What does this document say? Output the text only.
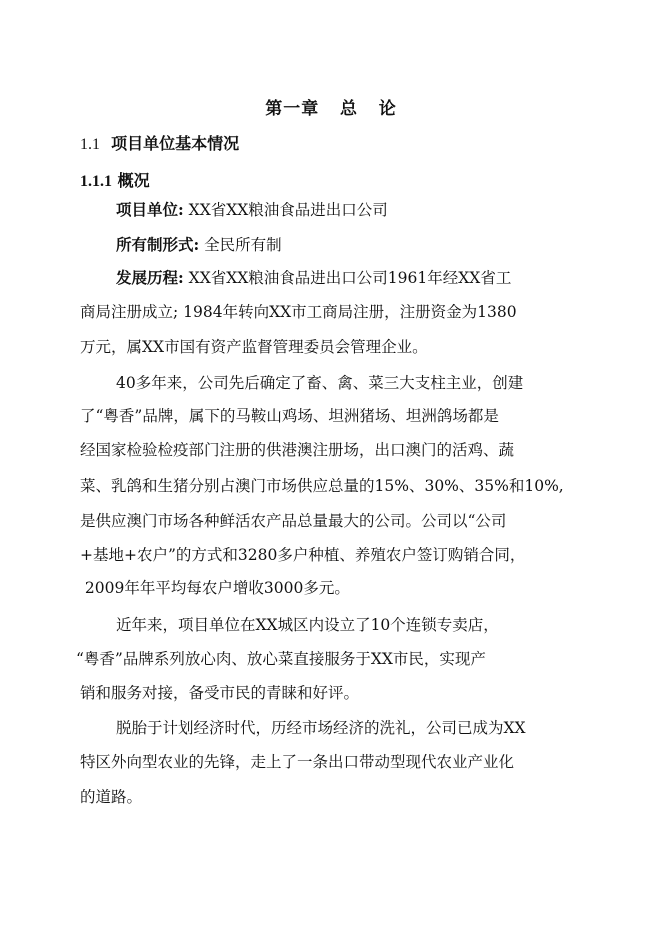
第一章   总   论
1.1 项目单位基本情况
1.1.1 概况
项目单位: XX省XX粮油食品进出口公司
所有制形式: 全民所有制
发展历程: XX省XX粮油食品进出口公司1961年经XX省工
商局注册成立; 1984年转向XX市工商局注册，注册资金为1380
万元，属XX市国有资产监督管理委员会管理企业。
40多年来，公司先后确定了畜、禽、菜三大支柱主业，创建
了“粤香”品牌，属下的马鞍山鸡场、坦洲猪场、坦洲鸽场都是
经国家检验检疫部门注册的供港澳注册场，出口澳门的活鸡、蔬
菜、乳鸽和生猪分别占澳门市场供应总量的15%、30%、35%和10%,
是供应澳门市场各种鲜活农产品总量最大的公司。公司以“公司
+基地+农户”的方式和3280多户种植、养殖农户签订购销合同，
2009年年平均每农户增收3000多元。
近年来，项目单位在XX城区内设立了10个连锁专卖店，
“粤香”品牌系列放心肉、放心菜直接服务于XX市民，实现产
销和服务对接，备受市民的青睐和好评。
脱胎于计划经济时代，历经市场经济的洗礼，公司已成为XX
特区外向型农业的先锋，走上了一条出口带动型现代农业产业化
的道路。
